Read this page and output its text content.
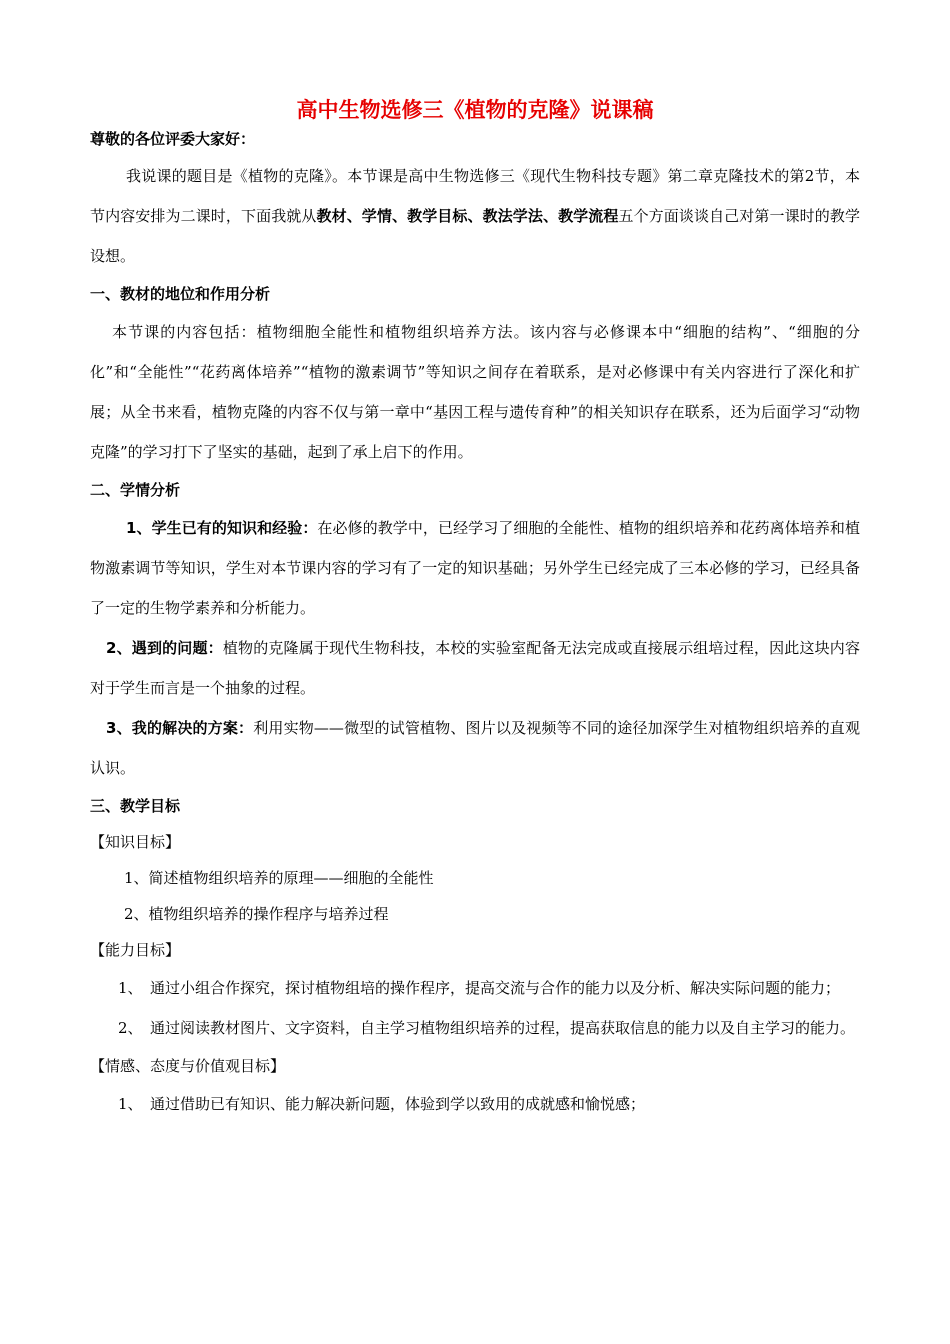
高中生物选修三《植物的克隆》说课稿
尊敬的各位评委大家好：

我说课的题目是《植物的克隆》。本节课是高中生物选修三《现代生物科技专题》第二章克隆技术的第2节，本节内容安排为二课时，下面我就从教材、学情、教学目标、教法学法、教学流程五个方面谈谈自己对第一课时的教学设想。

一、教材的地位和作用分析

本节课的内容包括：植物细胞全能性和植物组织培养方法。该内容与必修课本中“细胞的结构”、“细胞的分化”和“全能性”“花药离体培养”“植物的激素调节”等知识之间存在着联系，是对必修课中有关内容进行了深化和扩展；从全书来看，植物克隆的内容不仅与第一章中“基因工程与遗传育种”的相关知识存在联系，还为后面学习“动物克隆”的学习打下了坚实的基础，起到了承上启下的作用。

二、学情分析

1、学生已有的知识和经验：在必修的教学中，已经学习了细胞的全能性、植物的组织培养和花药离体培养和植物激素调节等知识，学生对本节课内容的学习有了一定的知识基础；另外学生已经完成了三本必修的学习，已经具备了一定的生物学素养和分析能力。

2、遇到的问题：植物的克隆属于现代生物科技，本校的实验室配备无法完成或直接展示组培过程，因此这块内容对于学生而言是一个抽象的过程。

3、我的解决的方案：利用实物——微型的试管植物、图片以及视频等不同的途径加深学生对植物组织培养的直观认识。

三、教学目标
【知识目标】
1、简述植物组织培养的原理——细胞的全能性
2、植物组织培养的操作程序与培养过程
【能力目标】
1、 通过小组合作探究，探讨植物组培的操作程序，提高交流与合作的能力以及分析、解决实际问题的能力；
2、 通过阅读教材图片、文字资料，自主学习植物组织培养的过程，提高获取信息的能力以及自主学习的能力。
【情感、态度与价值观目标】
1、 通过借助已有知识、能力解决新问题，体验到学以致用的成就感和愉悦感；
